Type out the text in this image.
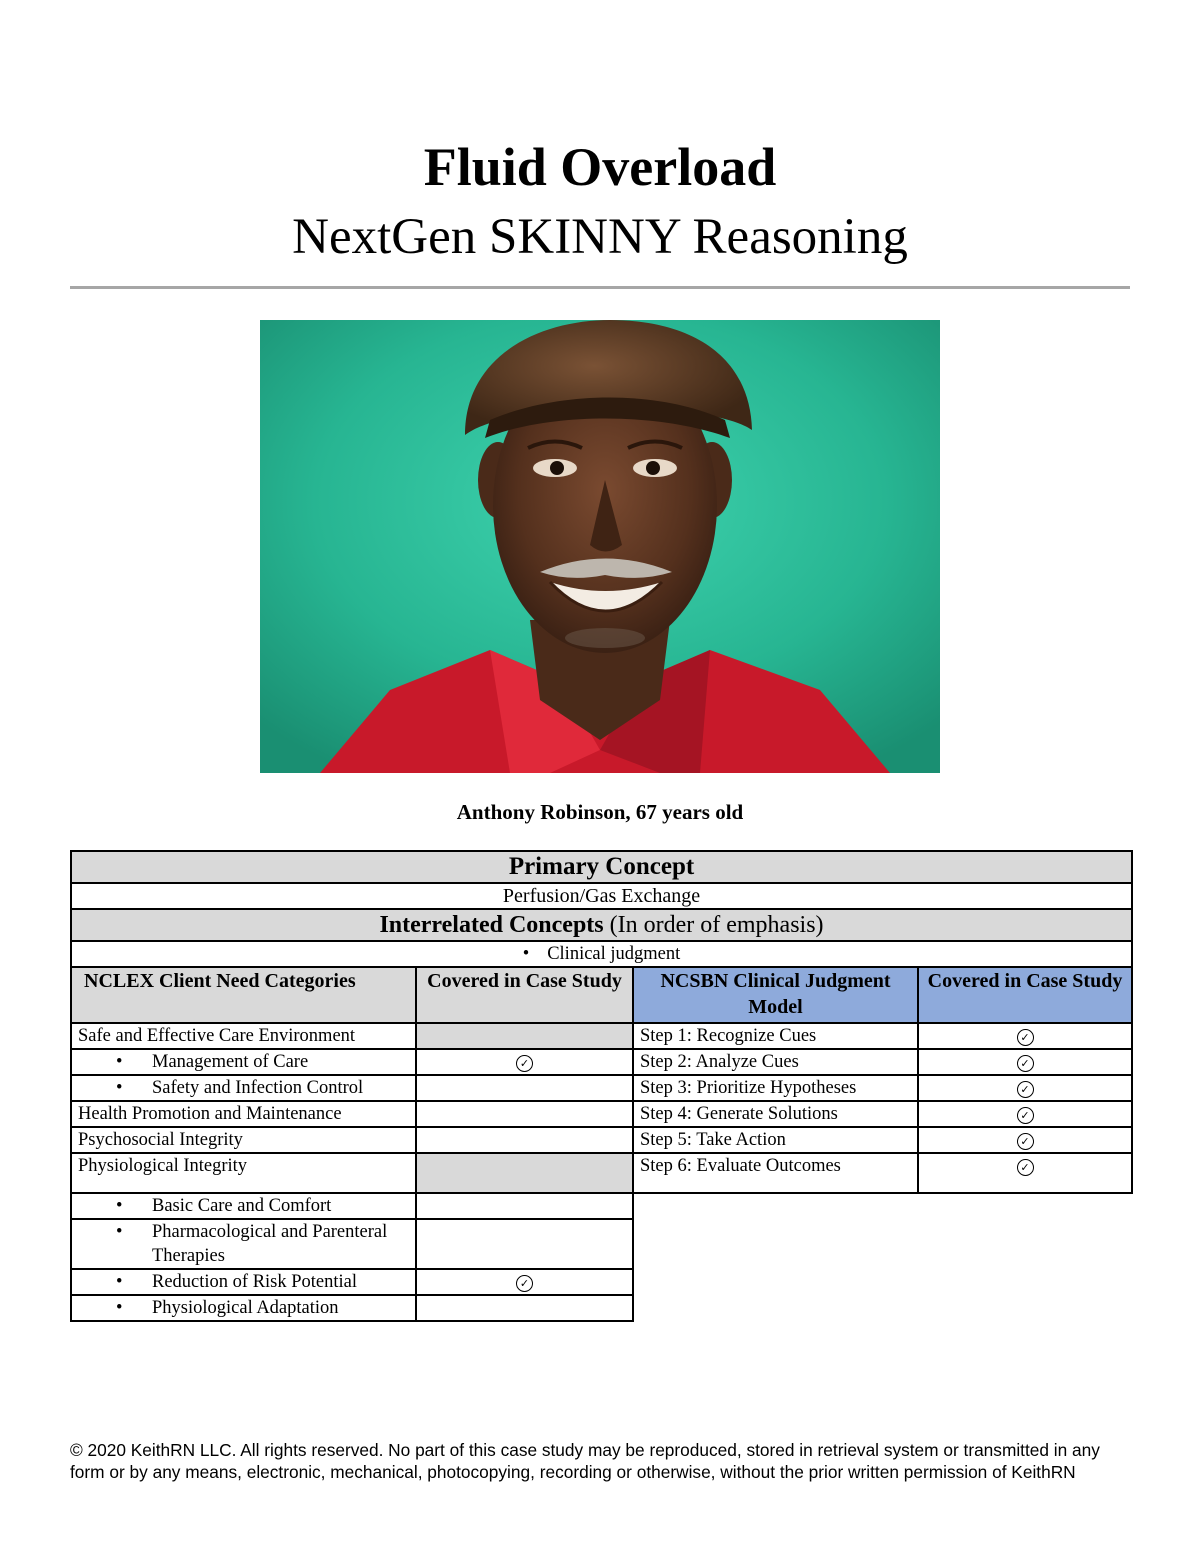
Fluid Overload
NextGen SKINNY Reasoning
Anthony Robinson, 67 years old
Primary Concept			
Perfusion/Gas Exchange			
Interrelated Concepts (In order of emphasis)			
• Clinical judgment			
NCLEX Client Need Categories	Covered in Case Study	NCSBN Clinical Judgment Model	Covered in Case Study
Safe and Effective Care Environment		Step 1: Recognize Cues	✓
• Management of Care	✓	Step 2: Analyze Cues	✓
• Safety and Infection Control		Step 3: Prioritize Hypotheses	✓
Health Promotion and Maintenance		Step 4: Generate Solutions	✓
Psychosocial Integrity		Step 5: Take Action	✓
Physiological Integrity		Step 6: Evaluate Outcomes	✓
• Basic Care and Comfort		
• Pharmacological and Parenteral Therapies		
• Reduction of Risk Potential	✓		
• Physiological Adaptation		
© 2020 KeithRN LLC. All rights reserved. No part of this case study may be reproduced, stored in retrieval system or transmitted in any form or by any means, electronic, mechanical, photocopying, recording or otherwise, without the prior written permission of KeithRN
